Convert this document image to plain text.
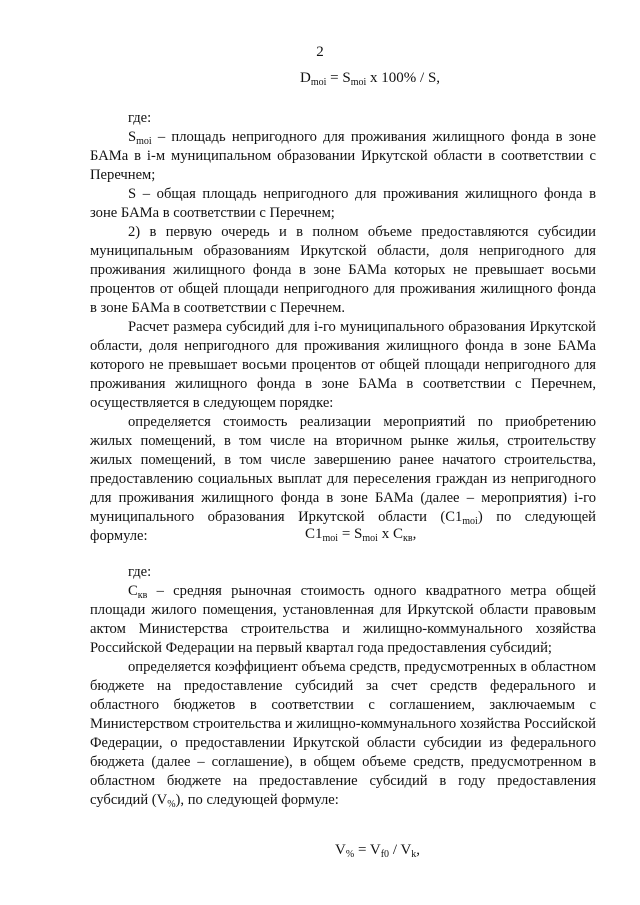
2
$D_{moi} = S_{moi}$ x 100% / S,

где:

$S_{moi}$ – площадь непригодного для проживания жилищного фонда в зоне БАМа в i-м муниципальном образовании Иркутской области в соответствии с Перечнем;

S – общая площадь непригодного для проживания жилищного фонда в зоне БАМа в соответствии с Перечнем;

2) в первую очередь и в полном объеме предоставляются субсидии муниципальным образованиям Иркутской области, доля непригодного для проживания жилищного фонда в зоне БАМа которых не превышает восьми процентов от общей площади непригодного для проживания жилищного фонда в зоне БАМа в соответствии с Перечнем.

Расчет размера субсидий для i-го муниципального образования Иркутской области, доля непригодного для проживания жилищного фонда в зоне БАМа которого не превышает восьми процентов от общей площади непригодного для проживания жилищного фонда в зоне БАМа в соответствии с Перечнем, осуществляется в следующем порядке:

определяется стоимость реализации мероприятий по приобретению жилых помещений, в том числе на вторичном рынке жилья, строительству жилых помещений, в том числе завершению ранее начатого строительства, предоставлению социальных выплат для переселения граждан из непригодного для проживания жилищного фонда в зоне БАМа (далее – мероприятия) i-го муниципального образования Иркутской области $(C1_{moi})$ по следующей формуле:	$C1_{moi} = S_{moi}$ x $C_{кв}$,

где:

$C_{кв}$ – средняя рыночная стоимость одного квадратного метра общей площади жилого помещения, установленная для Иркутской области правовым актом Министерства строительства и жилищно-коммунального хозяйства Российской Федерации на первый квартал года предоставления субсидий;

определяется коэффициент объема средств, предусмотренных в областном бюджете на предоставление субсидий за счет средств федерального и областного бюджетов в соответствии с соглашением, заключаемым с Министерством строительства и жилищно-коммунального хозяйства Российской Федерации, о предоставлении Иркутской области субсидии из федерального бюджета (далее – соглашение), в общем объеме средств, предусмотренном в областном бюджете на предоставление субсидий в году предоставления субсидий $(V_{\%})$, по следующей формуле:

$V_{\%} = V_{f0} / V_k$,
